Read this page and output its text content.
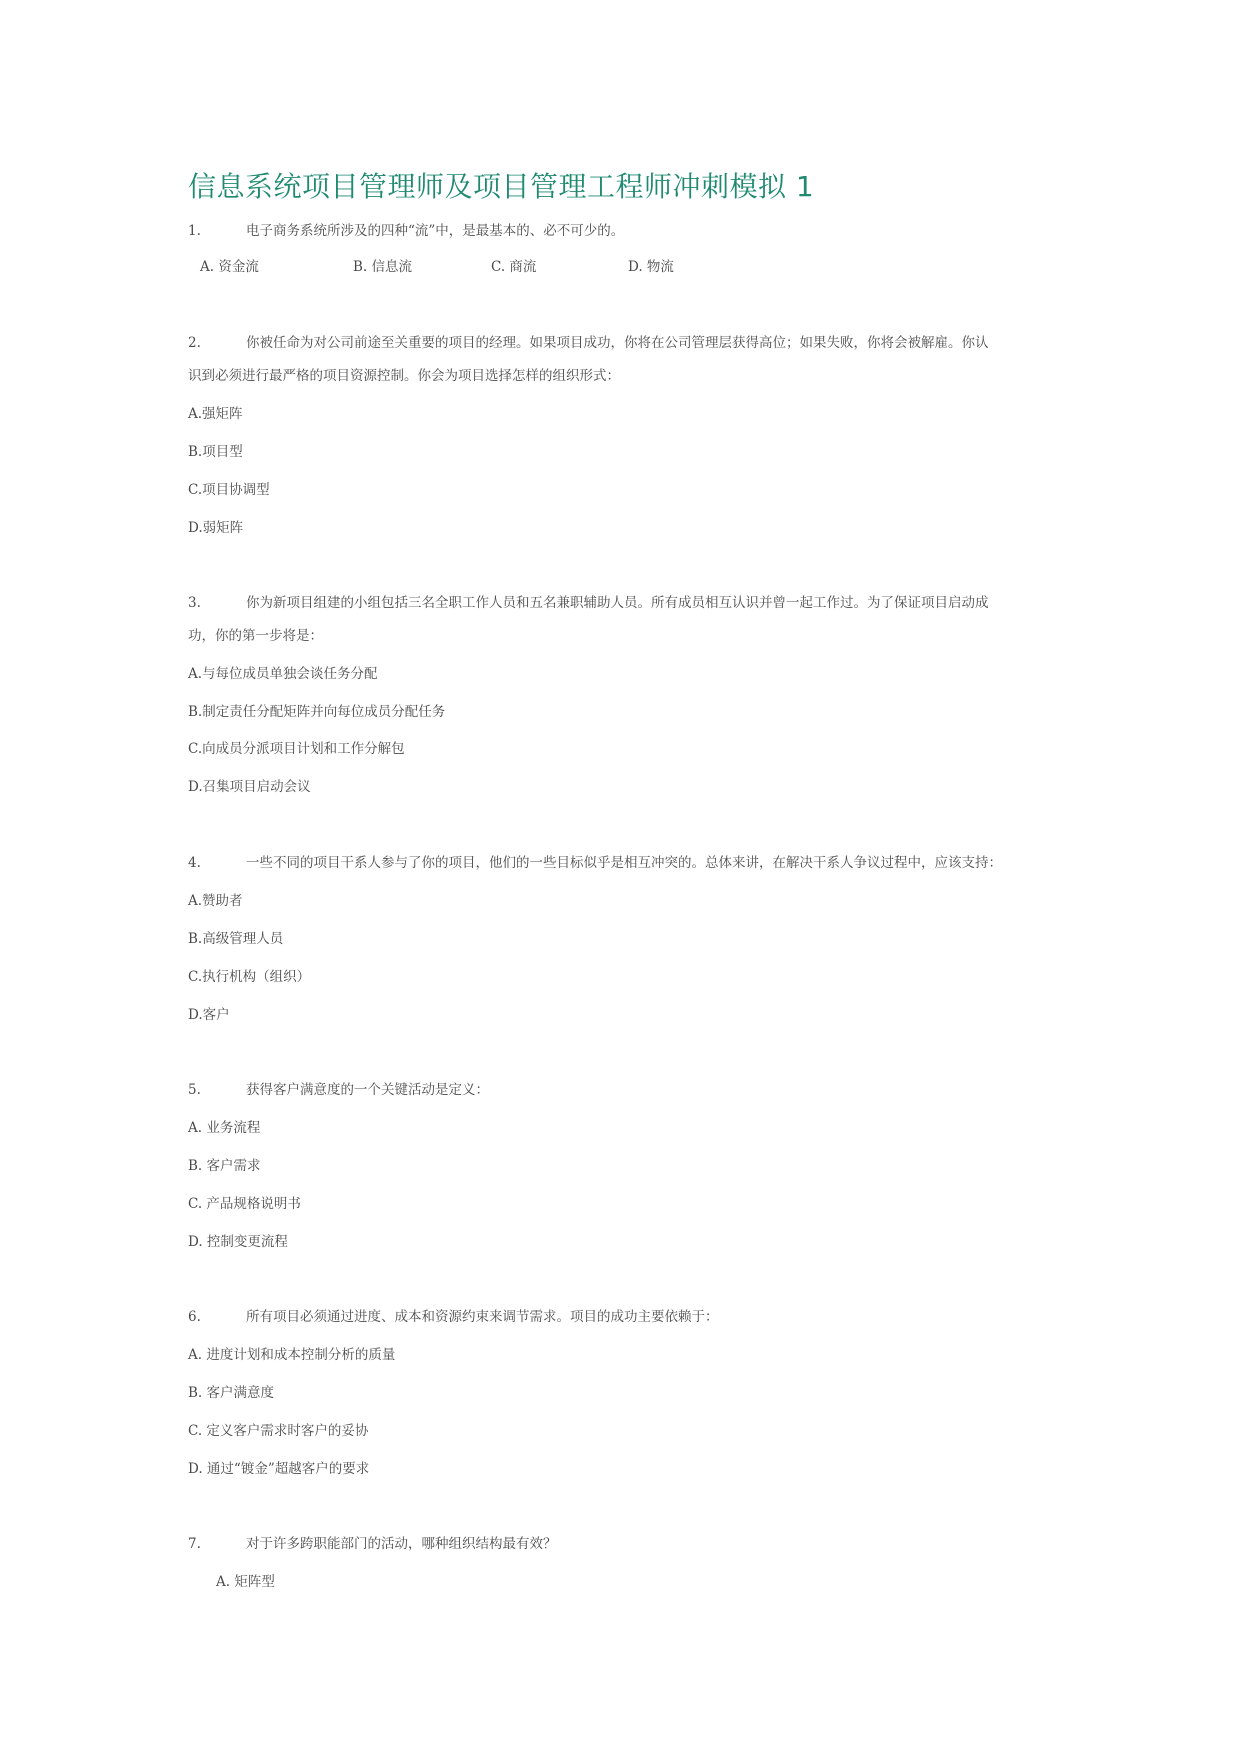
信息系统项目管理师及项目管理工程师冲刺模拟 1
1.	电子商务系统所涉及的四种“流”中，是最基本的、必不可少的。
A. 资金流	B. 信息流	C. 商流	D. 物流
2.	你被任命为对公司前途至关重要的项目的经理。如果项目成功，你将在公司管理层获得高位；如果失败，你将会被解雇。你认
识到必须进行最严格的项目资源控制。你会为项目选择怎样的组织形式：
A.强矩阵
B.项目型
C.项目协调型
D.弱矩阵
3.	你为新项目组建的小组包括三名全职工作人员和五名兼职辅助人员。所有成员相互认识并曾一起工作过。为了保证项目启动成
功，你的第一步将是：
A.与每位成员单独会谈任务分配
B.制定责任分配矩阵并向每位成员分配任务
C.向成员分派项目计划和工作分解包
D.召集项目启动会议
4.	一些不同的项目干系人参与了你的项目，他们的一些目标似乎是相互冲突的。总体来讲，在解决干系人争议过程中，应该支持：
A.赞助者
B.高级管理人员
C.执行机构（组织）
D.客户
5.	获得客户满意度的一个关键活动是定义：
A. 业务流程
B. 客户需求
C. 产品规格说明书
D. 控制变更流程
6.	所有项目必须通过进度、成本和资源约束来调节需求。项目的成功主要依赖于：
A. 进度计划和成本控制分析的质量
B. 客户满意度
C. 定义客户需求时客户的妥协
D. 通过“镀金”超越客户的要求
7.	对于许多跨职能部门的活动，哪种组织结构最有效？
A. 矩阵型
